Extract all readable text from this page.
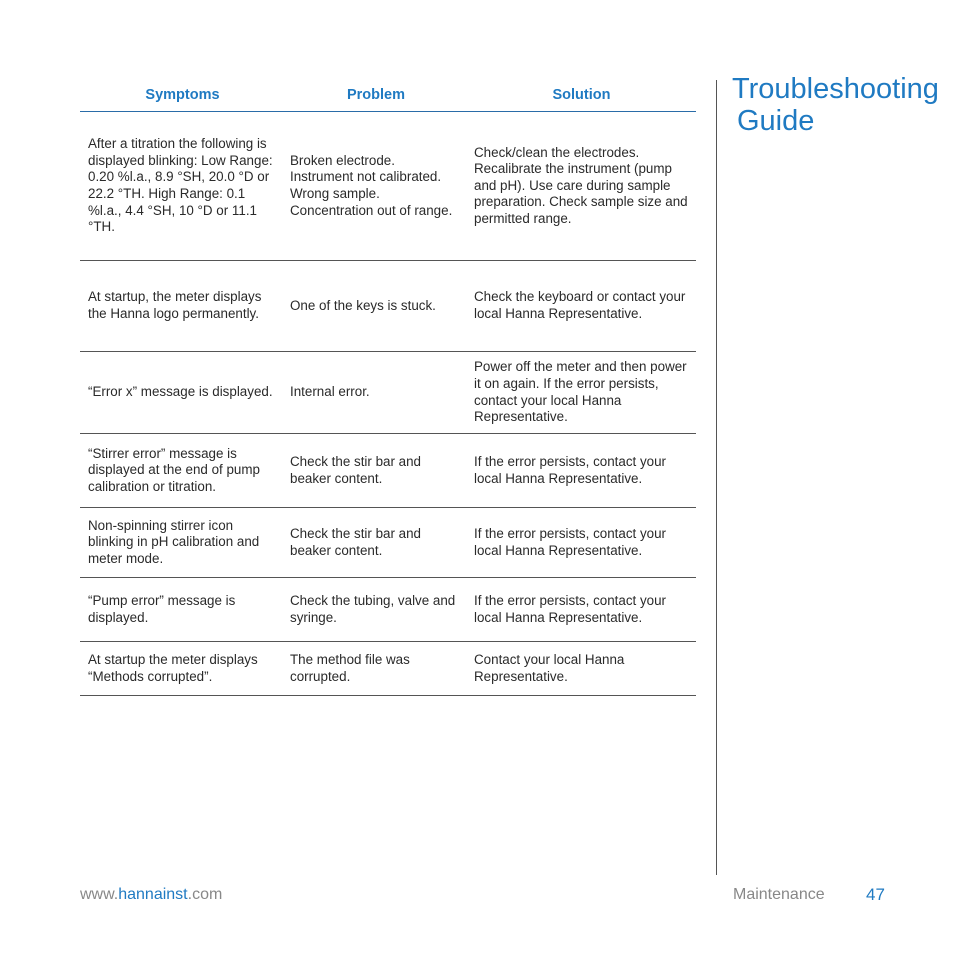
Symptoms	Problem	Solution
After a titration the following is displayed blinking: Low Range: 0.20 %l.a., 8.9 °SH, 20.0 °D or 22.2 °TH. High Range: 0.1 %l.a., 4.4 °SH, 10 °D or 11.1 °TH.	Broken electrode. Instrument not calibrated. Wrong sample. Concentration out of range.	Check/clean the electrodes. Recalibrate the instrument (pump and pH). Use care during sample preparation. Check sample size and permitted range.
At startup, the meter displays the Hanna logo permanently.	One of the keys is stuck.	Check the keyboard or contact your local Hanna Representative.
“Error x” message is displayed.	Internal error.	Power off the meter and then power it on again. If the error persists, contact your local Hanna Representative.
“Stirrer error” message is displayed at the end of pump calibration or titration.	Check the stir bar and beaker content.	If the error persists, contact your local Hanna Representative.
Non-spinning stirrer icon blinking in pH calibration and meter mode.	Check the stir bar and beaker content.	If the error persists, contact your local Hanna Representative.
“Pump error” message is displayed.	Check the tubing, valve and syringe.	If the error persists, contact your local Hanna Representative.
At startup the meter displays “Methods corrupted”.	The method file was corrupted.	Contact your local Hanna Representative.
Troubleshooting
Guide
www.hannainst.com	Maintenance 47
